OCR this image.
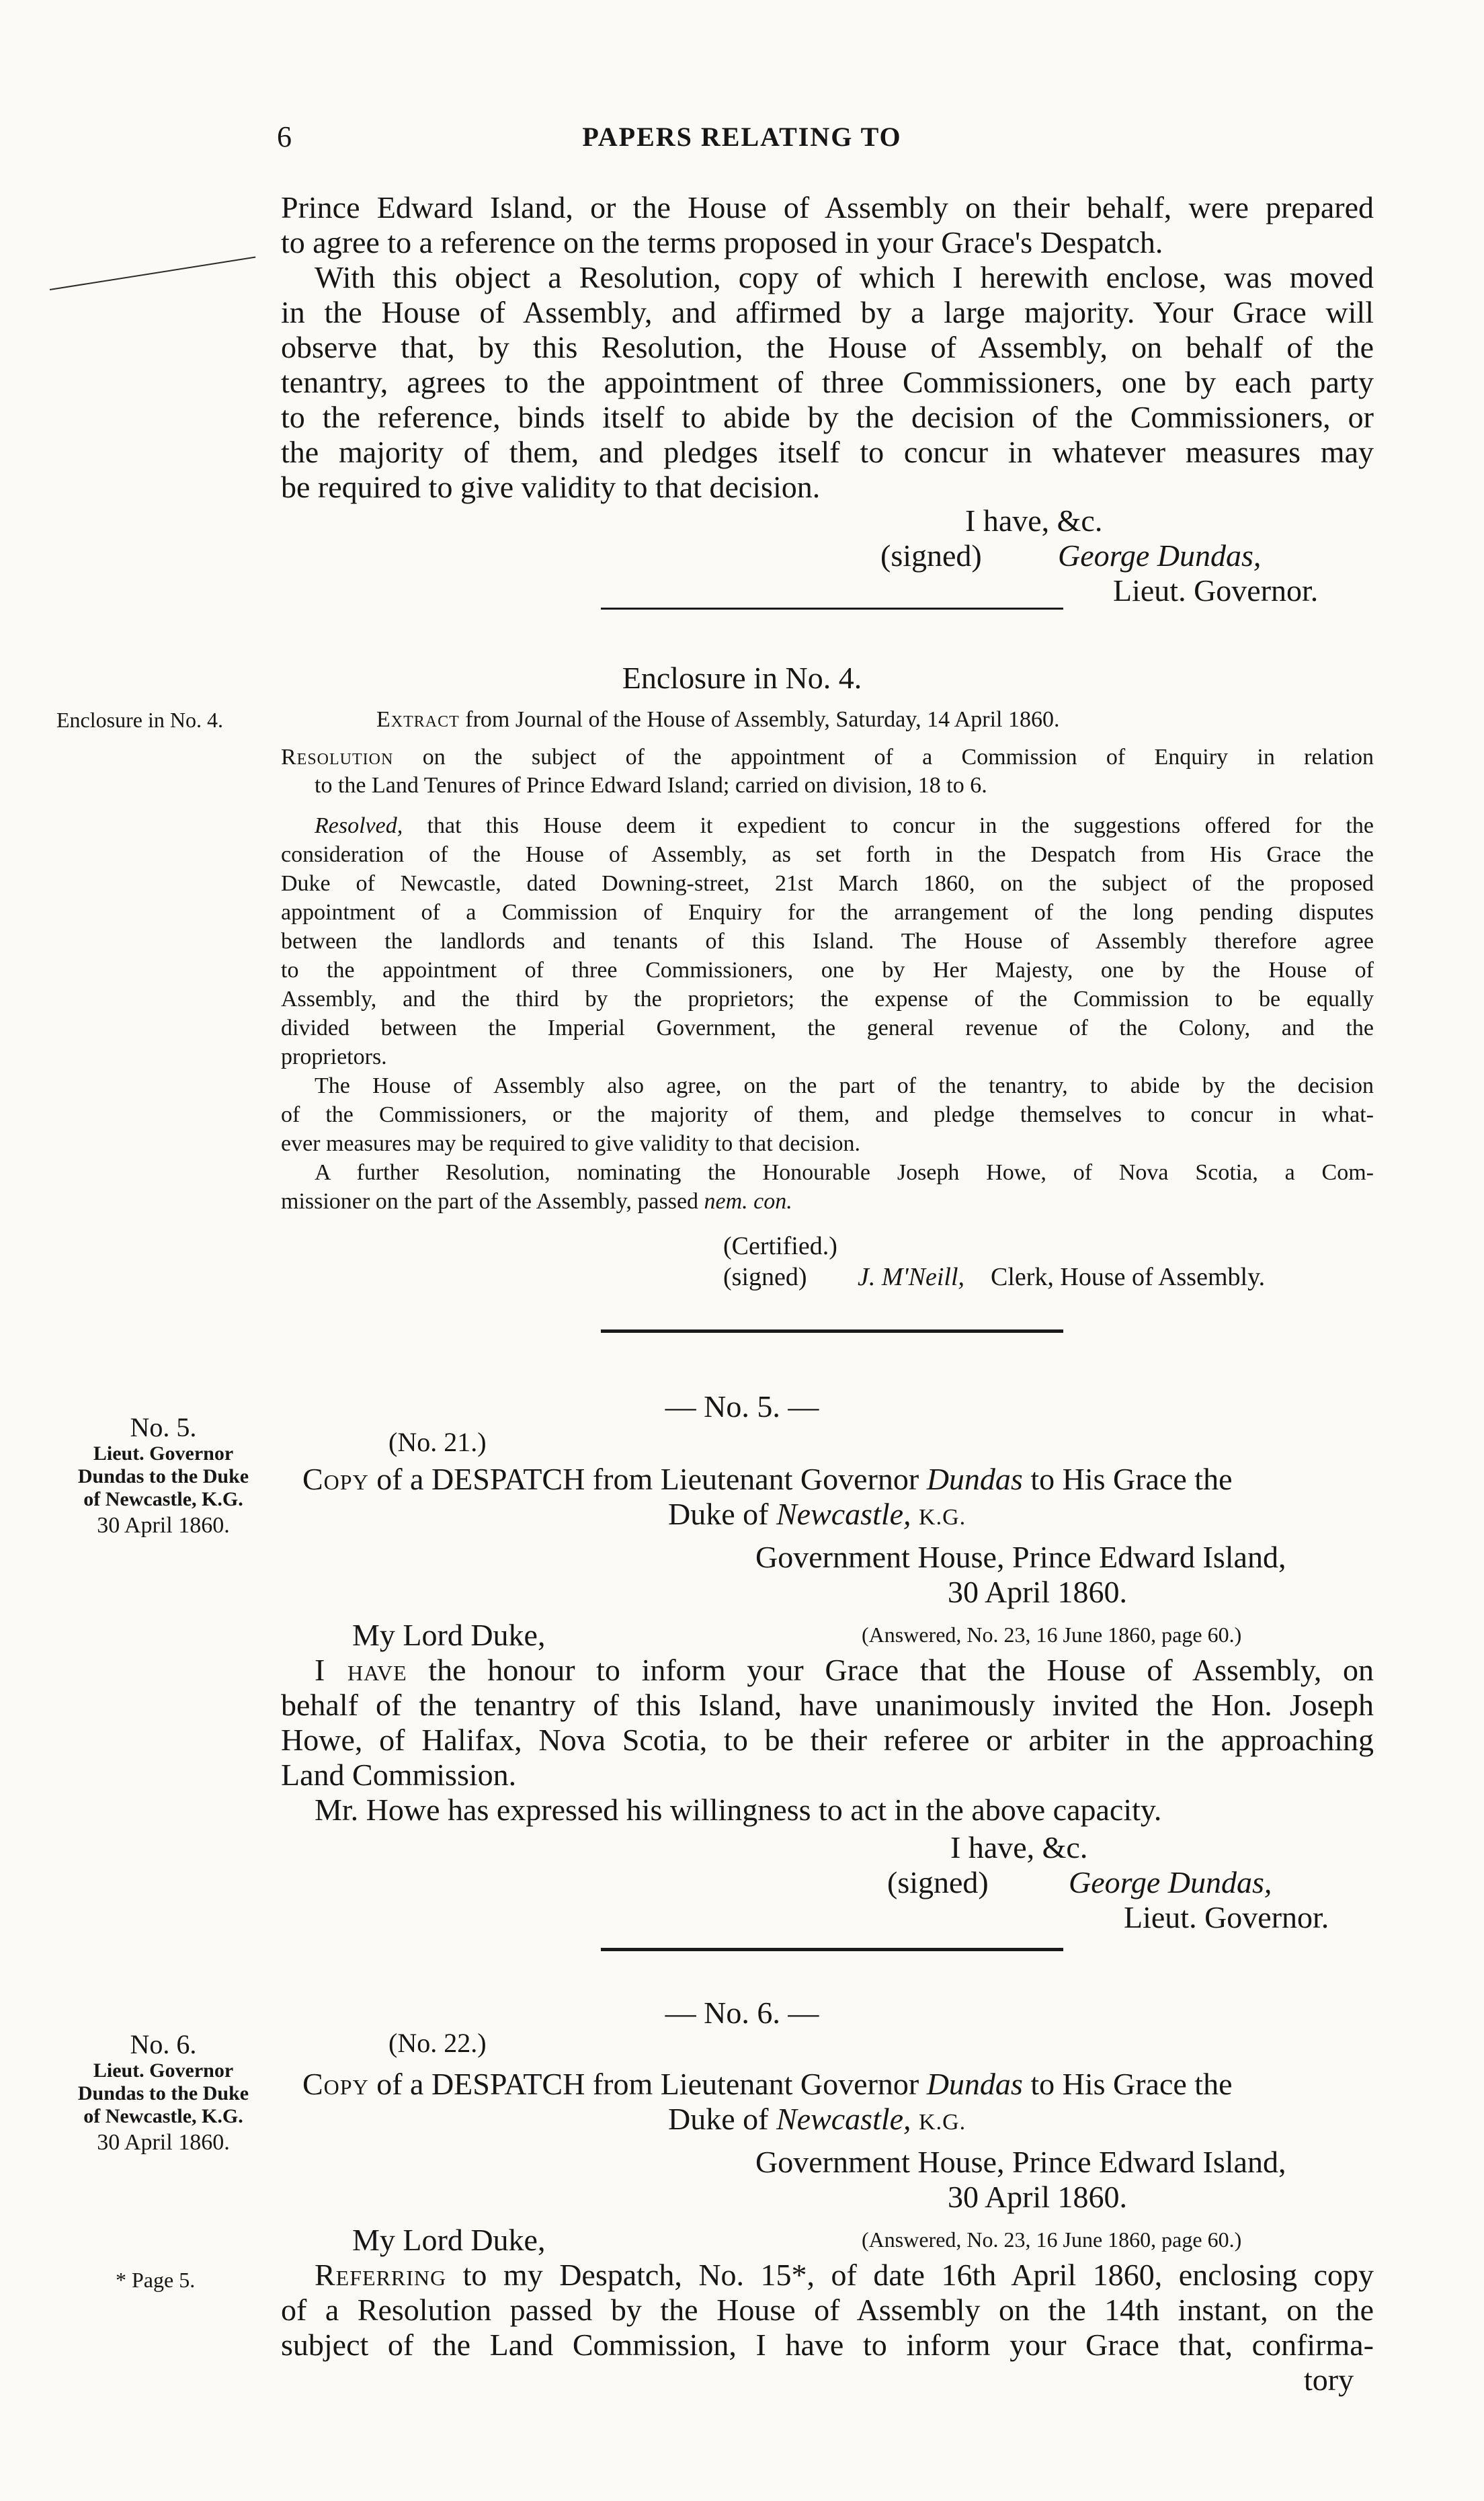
6	PAPERS RELATING TO
Prince Edward Island, or the House of Assembly on their behalf, were prepared
to agree to a reference on the terms proposed in your Grace's Despatch.
With this object a Resolution, copy of which I herewith enclose, was moved
in the House of Assembly, and affirmed by a large majority. Your Grace will
observe that, by this Resolution, the House of Assembly, on behalf of the
tenantry, agrees to the appointment of three Commissioners, one by each party
to the reference, binds itself to abide by the decision of the Commissioners, or
the majority of them, and pledges itself to concur in whatever measures may
be required to give validity to that decision.
I have, &c.
(signed) George Dundas,
Lieut. Governor.
Enclosure in No. 4.
Enclosure in No. 4.	Extract from Journal of the House of Assembly, Saturday, 14 April 1860.
Resolution on the subject of the appointment of a Commission of Enquiry in relation
to the Land Tenures of Prince Edward Island; carried on division, 18 to 6.
Resolved, that this House deem it expedient to concur in the suggestions offered for the
consideration of the House of Assembly, as set forth in the Despatch from His Grace the
Duke of Newcastle, dated Downing-street, 21st March 1860, on the subject of the proposed
appointment of a Commission of Enquiry for the arrangement of the long pending disputes
between the landlords and tenants of this Island. The House of Assembly therefore agree
to the appointment of three Commissioners, one by Her Majesty, one by the House of
Assembly, and the third by the proprietors; the expense of the Commission to be equally
divided between the Imperial Government, the general revenue of the Colony, and the
proprietors.
The House of Assembly also agree, on the part of the tenantry, to abide by the decision
of the Commissioners, or the majority of them, and pledge themselves to concur in what-
ever measures may be required to give validity to that decision.
A further Resolution, nominating the Honourable Joseph Howe, of Nova Scotia, a Com-
missioner on the part of the Assembly, passed nem. con.
(Certified.)
(signed) J. M'Neill, Clerk, House of Assembly.
— No. 5. —
No. 5.
Lieut. Governor
Dundas to the Duke
of Newcastle, K.G.
30 April 1860.
(No. 21.)
Copy of a DESPATCH from Lieutenant Governor Dundas to His Grace the
Duke of Newcastle, K.G.
Government House, Prince Edward Island,
30 April 1860.
My Lord Duke,	(Answered, No. 23, 16 June 1860, page 60.)
I have the honour to inform your Grace that the House of Assembly, on
behalf of the tenantry of this Island, have unanimously invited the Hon. Joseph
Howe, of Halifax, Nova Scotia, to be their referee or arbiter in the approaching
Land Commission.
Mr. Howe has expressed his willingness to act in the above capacity.
I have, &c.
(signed)	George Dundas,
Lieut. Governor.
— No. 6. —
No. 6.
Lieut. Governor
Dundas to the Duke
of Newcastle, K.G.
30 April 1860.
* Page 5.
(No. 22.)
Copy of a DESPATCH from Lieutenant Governor Dundas to His Grace the
Duke of Newcastle, K.G.
Government House, Prince Edward Island,
30 April 1860.
My Lord Duke,	(Answered, No. 23, 16 June 1860, page 60.)
Referring to my Despatch, No. 15*, of date 16th April 1860, enclosing copy
of a Resolution passed by the House of Assembly on the 14th instant, on the
subject of the Land Commission, I have to inform your Grace that, confirma-
tory
